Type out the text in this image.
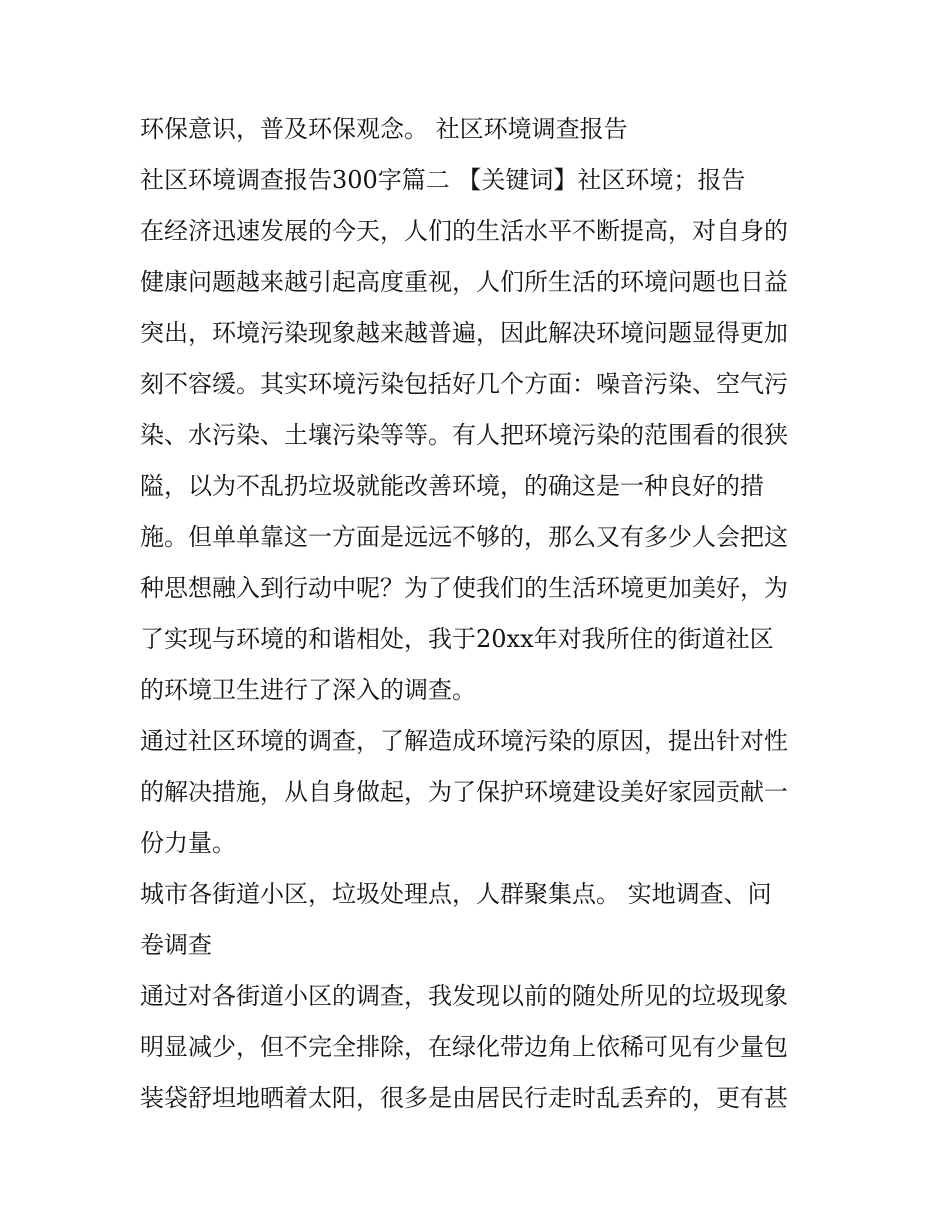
环保意识，普及环保观念。 社区环境调查报告
社区环境调查报告300字篇二 【关键词】社区环境；报告
在经济迅速发展的今天，人们的生活水平不断提高，对自身的
健康问题越来越引起高度重视，人们所生活的环境问题也日益
突出，环境污染现象越来越普遍，因此解决环境问题显得更加
刻不容缓。其实环境污染包括好几个方面：噪音污染、空气污
染、水污染、土壤污染等等。有人把环境污染的范围看的很狭
隘，以为不乱扔垃圾就能改善环境，的确这是一种良好的措
施。但单单靠这一方面是远远不够的，那么又有多少人会把这
种思想融入到行动中呢？为了使我们的生活环境更加美好，为
了实现与环境的和谐相处，我于20xx年对我所住的街道社区
的环境卫生进行了深入的调查。
通过社区环境的调查，了解造成环境污染的原因，提出针对性
的解决措施，从自身做起，为了保护环境建设美好家园贡献一
份力量。
城市各街道小区，垃圾处理点，人群聚集点。 实地调查、问
卷调查
通过对各街道小区的调查，我发现以前的随处所见的垃圾现象
明显减少，但不完全排除，在绿化带边角上依稀可见有少量包
装袋舒坦地晒着太阳，很多是由居民行走时乱丢弃的，更有甚
